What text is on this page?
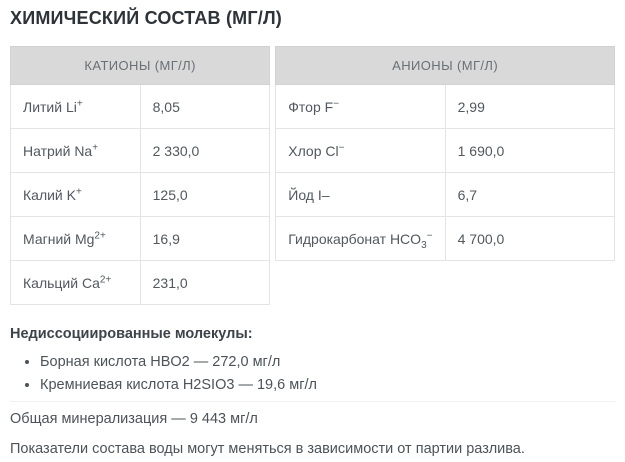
ХИМИЧЕСКИЙ СОСТАВ (МГ/Л)
КАТИОНЫ (МГ/Л)	
Литий Li+	8,05
Натрий Na+	2 330,0
Калий K+	125,0
Магний $Mg^{2+}$	16,9
Кальций $Ca^{2+}$	231,0
АНИОНЫ (МГ/Л)	
Фтор F−	2,99
Хлор Cl−	1 690,0
Йод I–	6,7
Гидрокарбонат $HCO_3^-$	4 700,0

Недиссоциированные молекулы:

• Борная кислота HBO2 — 272,0 мг/л
• Кремниевая кислота H2SIO3 — 19,6 мг/л

Общая минерализация — 9 443 мг/л

Показатели состава воды могут меняться в зависимости от партии разлива.
